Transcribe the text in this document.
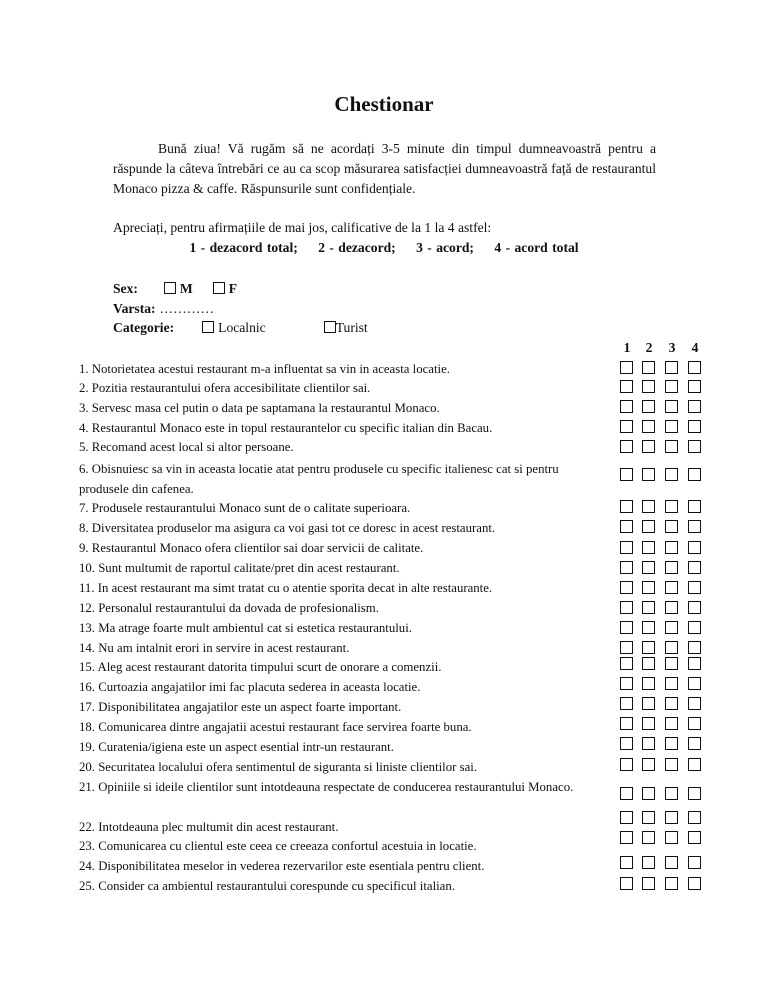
Chestionar

Bună ziua! Vă rugăm să ne acordați 3-5 minute din timpul dumneavoastră pentru a răspunde la câteva întrebări ce au ca scop măsurarea satisfacției dumneavoastră față de restaurantul Monaco pizza & caffe. Răspunsurile sunt confidențiale.

Apreciați, pentru afirmațiile de mai jos, calificative de la 1 la 4 astfel:
1 - dezacord total; 2 - dezacord; 3 - acord; 4 - acord total
Sex:	M	F
Varsta: …………
Categorie:	Localnic	Turist
1 2 3 4
1. Notorietatea acestui restaurant m-a influentat sa vin in aceasta locatie.
2. Pozitia restaurantului ofera accesibilitate clientilor sai.
3. Servesc masa cel putin o data pe saptamana la restaurantul Monaco.
4. Restaurantul Monaco este in topul restaurantelor cu specific italian din Bacau.
5. Recomand acest local si altor persoane.
6. Obisnuiesc sa vin in aceasta locatie atat pentru produsele cu specific italienesc cat si pentru produsele din cafenea.
7. Produsele restaurantului Monaco sunt de o calitate superioara.
8. Diversitatea produselor ma asigura ca voi gasi tot ce doresc in acest restaurant.
9. Restaurantul Monaco ofera clientilor sai doar servicii de calitate.
10. Sunt multumit de raportul calitate/pret din acest restaurant.
11. In acest restaurant ma simt tratat cu o atentie sporita decat in alte restaurante.
12. Personalul restaurantului da dovada de profesionalism.
13. Ma atrage foarte mult ambientul cat si estetica restaurantului.
14. Nu am intalnit erori in servire in acest restaurant.
15. Aleg acest restaurant datorita timpului scurt de onorare a comenzii.
16. Curtoazia angajatilor imi fac placuta sederea in aceasta locatie.
17. Disponibilitatea angajatilor este un aspect foarte important.
18. Comunicarea dintre angajatii acestui restaurant face servirea foarte buna.
19. Curatenia/igiena este un aspect esential intr-un restaurant.
20. Securitatea localului ofera sentimentul de siguranta si liniste clientilor sai.
21. Opiniile si ideile clientilor sunt intotdeauna respectate de conducerea restaurantului Monaco.
22. Intotdeauna plec multumit din acest restaurant.
23. Comunicarea cu clientul este ceea ce creeaza confortul acestuia in locatie.
24. Disponibilitatea meselor in vederea rezervarilor este esentiala pentru client.
25. Consider ca ambientul restaurantului corespunde cu specificul italian.
